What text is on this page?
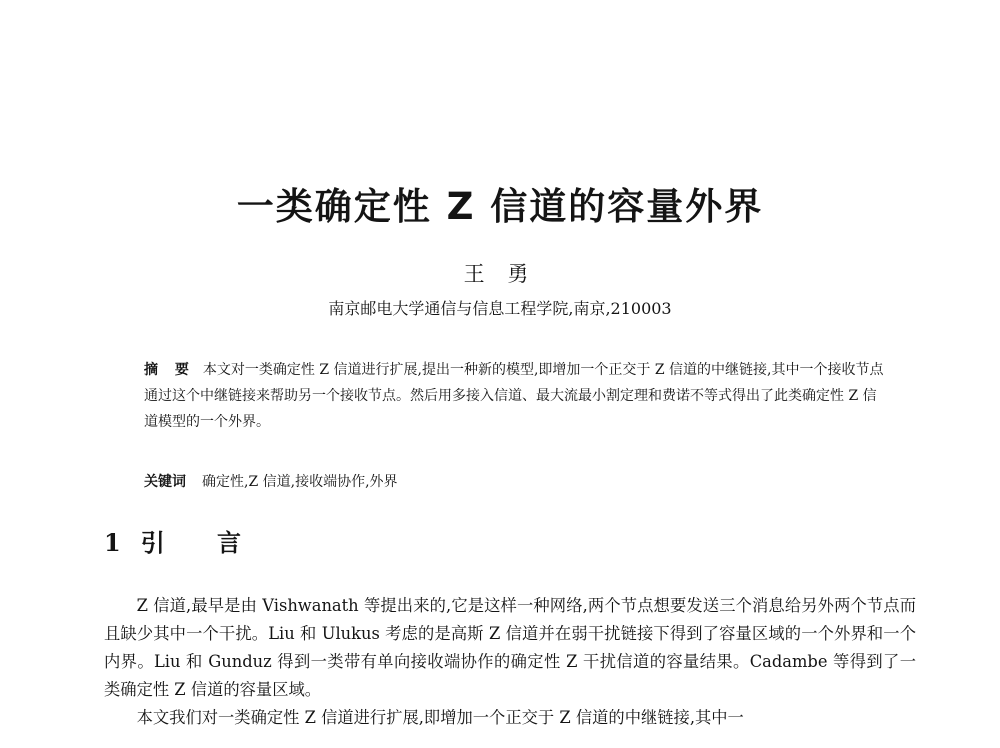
一类确定性 Z 信道的容量外界
王 勇
南京邮电大学通信与信息工程学院,南京,210003

摘 要 本文对一类确定性 Z 信道进行扩展,提出一种新的模型,即增加一个正交于 Z 信道的中继链接,其中一个接收节点通过这个中继链接来帮助另一个接收节点。然后用多接入信道、最大流最小割定理和费诺不等式得出了此类确定性 Z 信道模型的一个外界。

关键词 确定性,Z 信道,接收端协作,外界

1 引 言

Z 信道,最早是由 Vishwanath 等提出来的,它是这样一种网络,两个节点想要发送三个消息给另外两个节点而且缺少其中一个干扰。Liu 和 Ulukus 考虑的是高斯 Z 信道并在弱干扰链接下得到了容量区域的一个外界和一个内界。Liu 和 Gunduz 得到一类带有单向接收端协作的确定性 Z 干扰信道的容量结果。Cadambe 等得到了一类确定性 Z 信道的容量区域。

本文我们对一类确定性 Z 信道进行扩展,即增加一个正交于 Z 信道的中继链接,其中一
